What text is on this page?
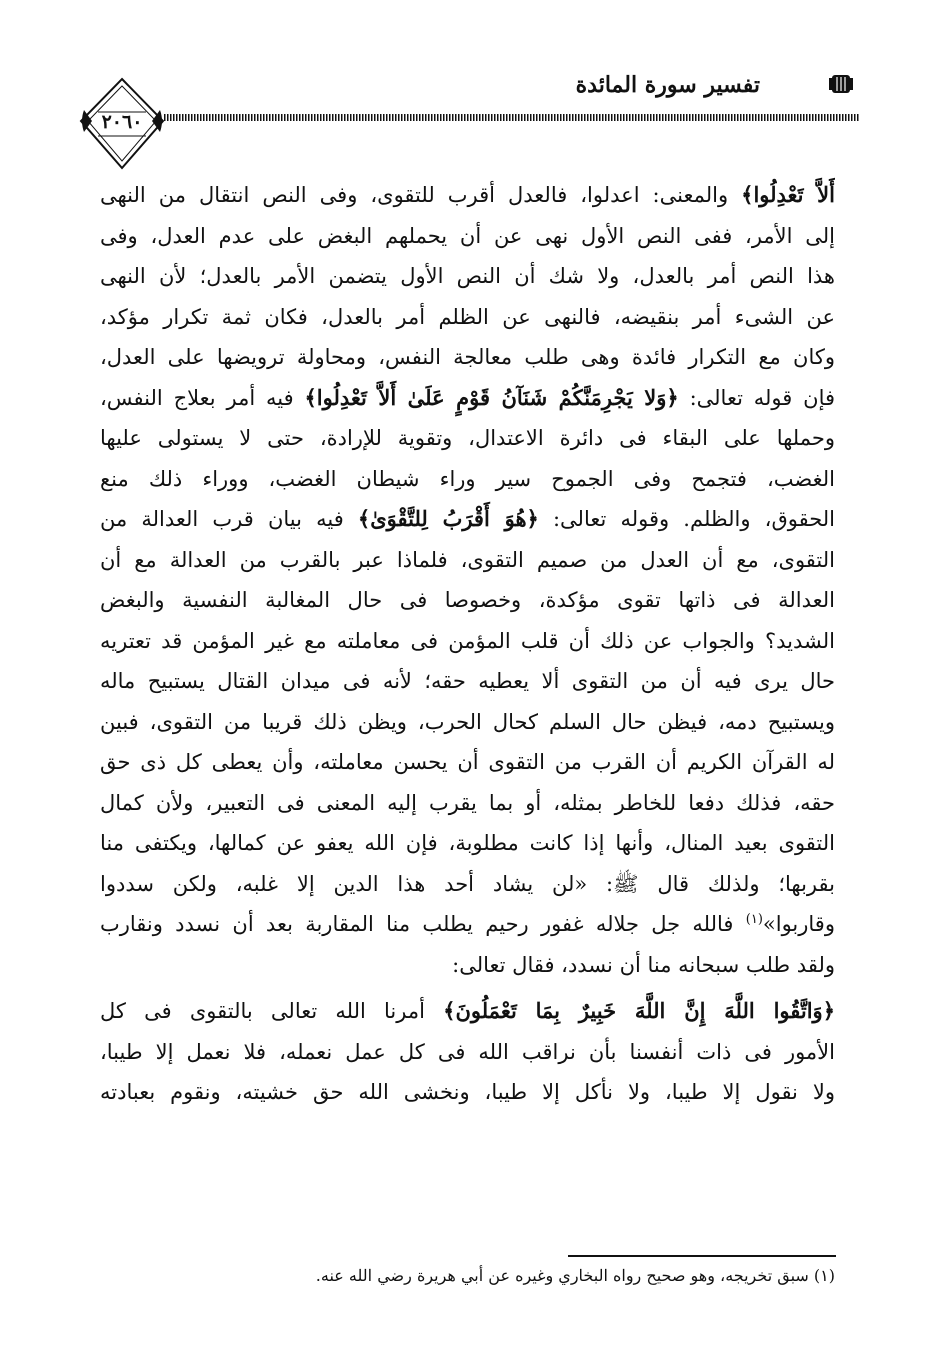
تفسير سورة المائدة
٢٠٦٠
أَلاَّ تَعْدِلُوا﴾ والمعنى: اعدلوا، فالعدل أقرب للتقوى، وفى النص انتقال من النهى
إلى الأمر، ففى النص الأول نهى عن أن يحملهم البغض على عدم العدل، وفى
هذا النص أمر بالعدل، ولا شك أن النص الأول يتضمن الأمر بالعدل؛ لأن النهى
عن الشىء أمر بنقيضه، فالنهى عن الظلم أمر بالعدل، فكان ثمة تكرار مؤكد،
وكان مع التكرار فائدة وهى طلب معالجة النفس، ومحاولة ترويضها على العدل،
فإن قوله تعالى: ﴿وَلا يَجْرِمَنَّكُمْ شَنَآنُ قَوْمٍ عَلَىٰ أَلاَّ تَعْدِلُوا﴾ فيه أمر بعلاج النفس،
وحملها على البقاء فى دائرة الاعتدال، وتقوية للإرادة، حتى لا يستولى عليها
الغضب، فتجمح وفى الجموح سير وراء شيطان الغضب، ووراء ذلك منع
الحقوق، والظلم. وقوله تعالى: ﴿هُوَ أَقْرَبُ لِلتَّقْوَىٰ﴾ فيه بيان قرب العدالة من
التقوى، مع أن العدل من صميم التقوى، فلماذا عبر بالقرب من العدالة مع أن
العدالة فى ذاتها تقوى مؤكدة، وخصوصا فى حال المغالبة النفسية والبغض
الشديد؟ والجواب عن ذلك أن قلب المؤمن فى معاملته مع غير المؤمن قد تعتريه
حال يرى فيه أن من التقوى ألا يعطيه حقه؛ لأنه فى ميدان القتال يستبيح ماله
ويستبيح دمه، فيظن حال السلم كحال الحرب، ويظن ذلك قريبا من التقوى، فبين
له القرآن الكريم أن القرب من التقوى أن يحسن معاملته، وأن يعطى كل ذى حق
حقه، فذلك دفعا للخاطر بمثله، أو بما يقرب إليه المعنى فى التعبير، ولأن كمال
التقوى بعيد المنال، وأنها إذا كانت مطلوبة، فإن الله يعفو عن كمالها، ويكتفى منا
بقربها؛ ولذلك قال ﷺ: «لن يشاد أحد هذا الدين إلا غلبه، ولكن سددوا
وقاربوا»$^{(١)}$ فالله جل جلاله غفور رحيم يطلب منا المقاربة بعد أن نسدد ونقارب
ولقد طلب سبحانه منا أن نسدد، فقال تعالى:
﴿وَاتَّقُوا اللَّهَ إِنَّ اللَّهَ خَبِيرٌ بِمَا تَعْمَلُونَ﴾ أمرنا الله تعالى بالتقوى فى كل
الأمور فى ذات أنفسنا بأن نراقب الله فى كل عمل نعمله، فلا نعمل إلا طيبا،
ولا نقول إلا طيبا، ولا نأكل إلا طيبا، ونخشى الله حق خشيته، ونقوم بعبادته
(١) سبق تخريجه، وهو صحيح رواه البخاري وغيره عن أبي هريرة رضي الله عنه.
